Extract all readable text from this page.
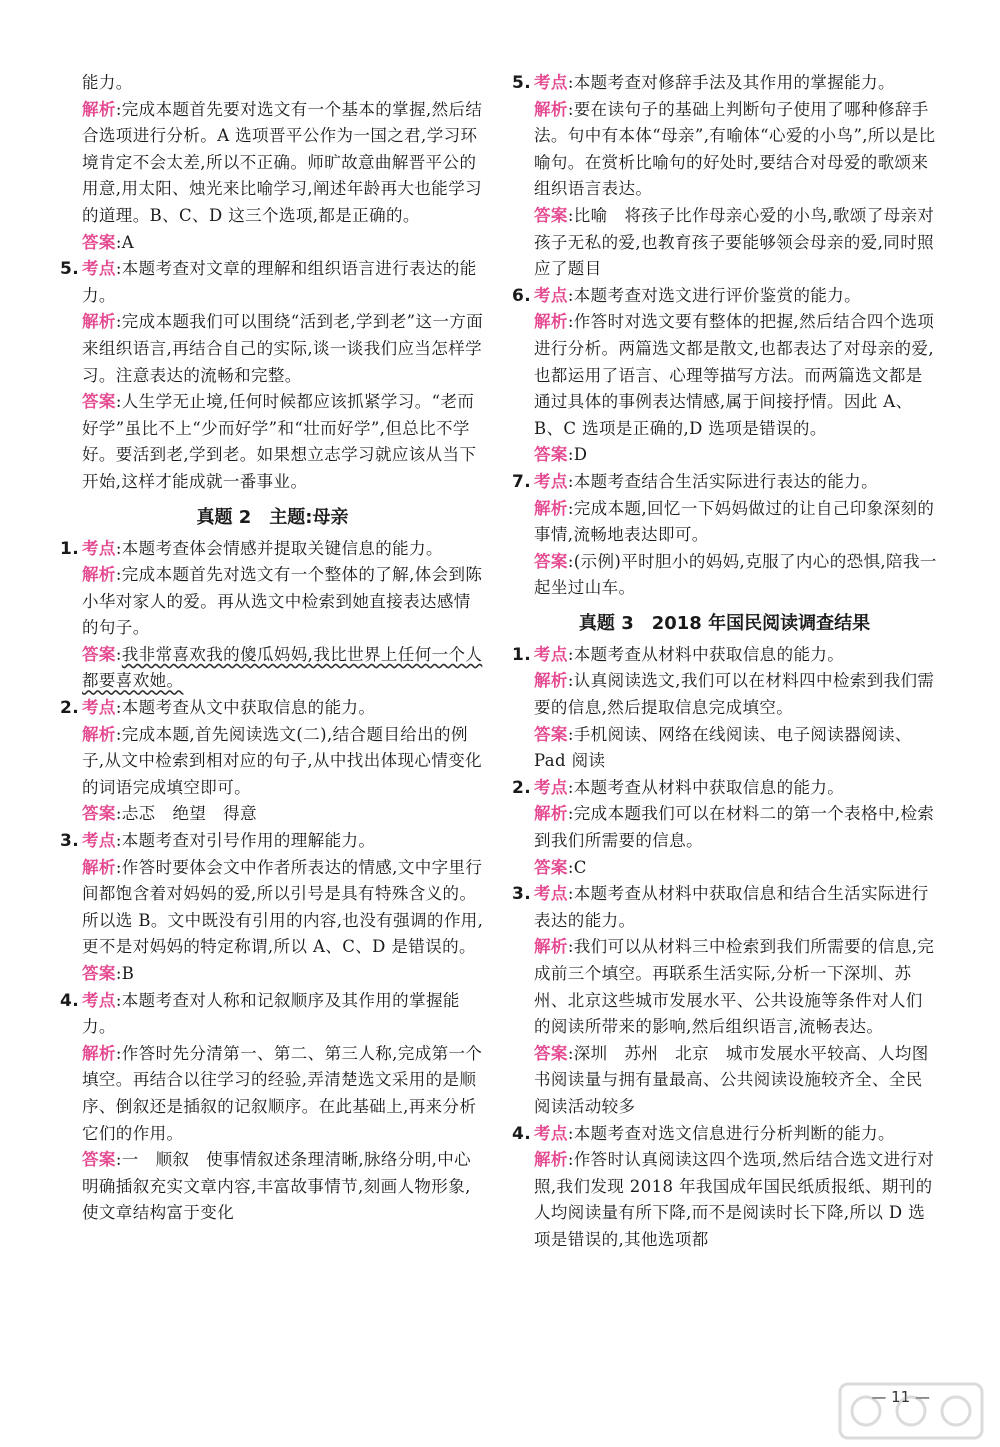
能力。
解析:完成本题首先要对选文有一个基本的掌握,然后结合选项进行分析。A 选项晋平公作为一国之君,学习环境肯定不会太差,所以不正确。师旷故意曲解晋平公的用意,用太阳、烛光来比喻学习,阐述年龄再大也能学习的道理。B、C、D 这三个选项,都是正确的。
答案:A
5. 考点:本题考查对文章的理解和组织语言进行表达的能力。
解析:完成本题我们可以围绕“活到老,学到老”这一方面来组织语言,再结合自己的实际,谈一谈我们应当怎样学习。注意表达的流畅和完整。
答案:人生学无止境,任何时候都应该抓紧学习。“老而好学”虽比不上“少而好学”和“壮而好学”,但总比不学好。要活到老,学到老。如果想立志学习就应该从当下开始,这样才能成就一番事业。
真题 2　主题:母亲
1. 考点:本题考查体会情感并提取关键信息的能力。
解析:完成本题首先对选文有一个整体的了解,体会到陈小华对家人的爱。再从选文中检索到她直接表达感情的句子。
答案:我非常喜欢我的傻瓜妈妈,我比世界上任何一个人都要喜欢她。
2. 考点:本题考查从文中获取信息的能力。
解析:完成本题,首先阅读选文(二),结合题目给出的例子,从文中检索到相对应的句子,从中找出体现心情变化的词语完成填空即可。
答案:忐忑　绝望　得意
3. 考点:本题考查对引号作用的理解能力。
解析:作答时要体会文中作者所表达的情感,文中字里行间都饱含着对妈妈的爱,所以引号是具有特殊含义的。所以选 B。文中既没有引用的内容,也没有强调的作用,更不是对妈妈的特定称谓,所以 A、C、D 是错误的。
答案:B
4. 考点:本题考查对人称和记叙顺序及其作用的掌握能力。
解析:作答时先分清第一、第二、第三人称,完成第一个填空。再结合以往学习的经验,弄清楚选文采用的是顺序、倒叙还是插叙的记叙顺序。在此基础上,再来分析它们的作用。
答案:一　顺叙　使事情叙述条理清晰,脉络分明,中心明确插叙充实文章内容,丰富故事情节,刻画人物形象,使文章结构富于变化
5. 考点:本题考查对修辞手法及其作用的掌握能力。
解析:要在读句子的基础上判断句子使用了哪种修辞手法。句中有本体“母亲”,有喻体“心爱的小鸟”,所以是比喻句。在赏析比喻句的好处时,要结合对母爱的歌颂来组织语言表达。
答案:比喻　将孩子比作母亲心爱的小鸟,歌颂了母亲对孩子无私的爱,也教育孩子要能够领会母亲的爱,同时照应了题目
6. 考点:本题考查对选文进行评价鉴赏的能力。
解析:作答时对选文要有整体的把握,然后结合四个选项进行分析。两篇选文都是散文,也都表达了对母亲的爱,也都运用了语言、心理等描写方法。而两篇选文都是通过具体的事例表达情感,属于间接抒情。因此 A、B、C 选项是正确的,D 选项是错误的。
答案:D
7. 考点:本题考查结合生活实际进行表达的能力。
解析:完成本题,回忆一下妈妈做过的让自己印象深刻的事情,流畅地表达即可。
答案:(示例)平时胆小的妈妈,克服了内心的恐惧,陪我一起坐过山车。
真题 3　2018 年国民阅读调查结果
1. 考点:本题考查从材料中获取信息的能力。
解析:认真阅读选文,我们可以在材料四中检索到我们需要的信息,然后提取信息完成填空。
答案:手机阅读、网络在线阅读、电子阅读器阅读、Pad 阅读
2. 考点:本题考查从材料中获取信息的能力。
解析:完成本题我们可以在材料二的第一个表格中,检索到我们所需要的信息。
答案:C
3. 考点:本题考查从材料中获取信息和结合生活实际进行表达的能力。
解析:我们可以从材料三中检索到我们所需要的信息,完成前三个填空。再联系生活实际,分析一下深圳、苏州、北京这些城市发展水平、公共设施等条件对人们的阅读所带来的影响,然后组织语言,流畅表达。
答案:深圳　苏州　北京　城市发展水平较高、人均图书阅读量与拥有量最高、公共阅读设施较齐全、全民阅读活动较多
4. 考点:本题考查对选文信息进行分析判断的能力。
解析:作答时认真阅读这四个选项,然后结合选文进行对照,我们发现 2018 年我国成年国民纸质报纸、期刊的人均阅读量有所下降,而不是阅读时长下降,所以 D 选项是错误的,其他选项都
— 11 —
